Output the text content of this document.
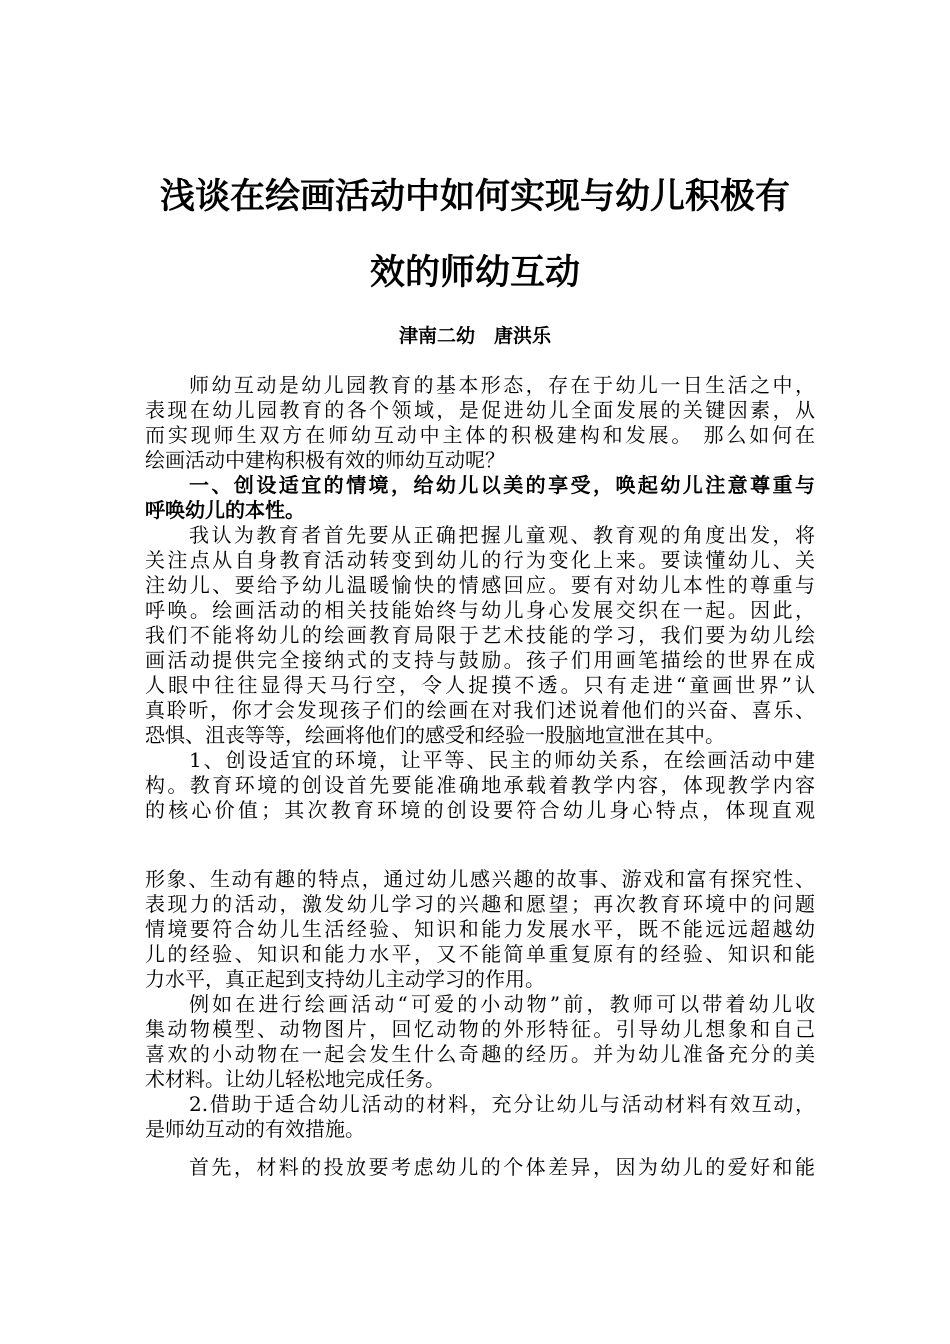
浅谈在绘画活动中如何实现与幼儿积极有
效的师幼互动

津南二幼　唐洪乐

师幼互动是幼儿园教育的基本形态，存在于幼儿一日生活之中，
表现在幼儿园教育的各个领域，是促进幼儿全面发展的关键因素，从
而实现师生双方在师幼互动中主体的积极建构和发展。 那么如何在
绘画活动中建构积极有效的师幼互动呢？
一、创设适宜的情境，给幼儿以美的享受，唤起幼儿注意尊重与
呼唤幼儿的本性。
我认为教育者首先要从正确把握儿童观、教育观的角度出发，将
关注点从自身教育活动转变到幼儿的行为变化上来。要读懂幼儿、关
注幼儿、要给予幼儿温暖愉快的情感回应。要有对幼儿本性的尊重与
呼唤。绘画活动的相关技能始终与幼儿身心发展交织在一起。因此，
我们不能将幼儿的绘画教育局限于艺术技能的学习，我们要为幼儿绘
画活动提供完全接纳式的支持与鼓励。孩子们用画笔描绘的世界在成
人眼中往往显得天马行空，令人捉摸不透。只有走进“童画世界”认
真聆听，你才会发现孩子们的绘画在对我们述说着他们的兴奋、喜乐、
恐惧、沮丧等等，绘画将他们的感受和经验一股脑地宣泄在其中。
1、创设适宜的环境，让平等、民主的师幼关系，在绘画活动中建
构。教育环境的创设首先要能准确地承载着教学内容，体现教学内容
的核心价值；其次教育环境的创设要符合幼儿身心特点，体现直观
形象、生动有趣的特点，通过幼儿感兴趣的故事、游戏和富有探究性、
表现力的活动，激发幼儿学习的兴趣和愿望；再次教育环境中的问题
情境要符合幼儿生活经验、知识和能力发展水平，既不能远远超越幼
儿的经验、知识和能力水平，又不能简单重复原有的经验、知识和能
力水平，真正起到支持幼儿主动学习的作用。
例如在进行绘画活动“可爱的小动物”前，教师可以带着幼儿收
集动物模型、动物图片，回忆动物的外形特征。引导幼儿想象和自己
喜欢的小动物在一起会发生什么奇趣的经历。并为幼儿准备充分的美
术材料。让幼儿轻松地完成任务。
2.借助于适合幼儿活动的材料，充分让幼儿与活动材料有效互动，
是师幼互动的有效措施。
首先，材料的投放要考虑幼儿的个体差异，因为幼儿的爱好和能
